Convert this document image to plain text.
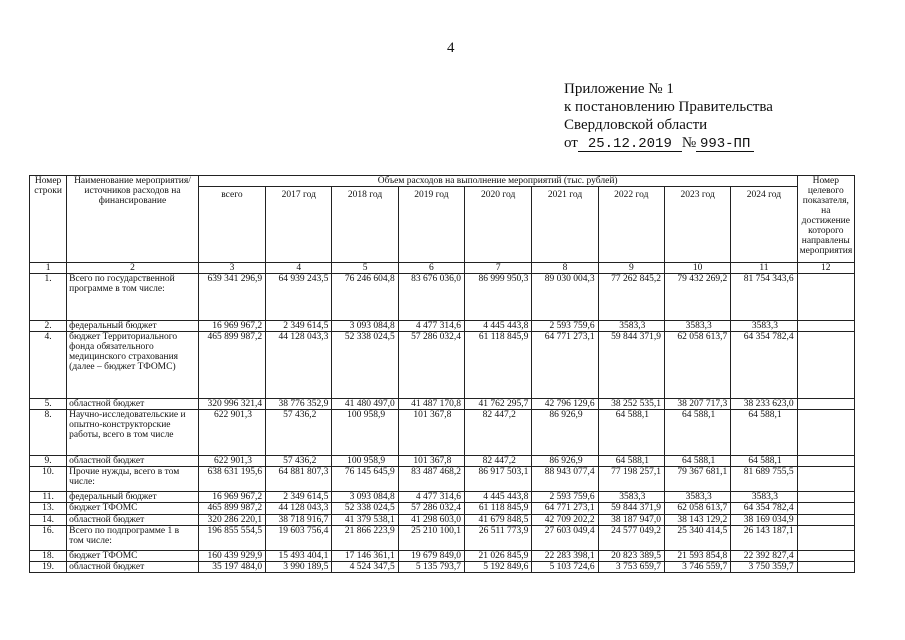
4
Приложение № 1
к постановлению Правительства
Свердловской области
от 25.12.2019 № 993-ПП
Номер строки	Наименование мероприятия/ источников расходов на финансирование	Объем расходов на выполнение мероприятий (тыс. рублей)									Номер целевого показателя, на достижение которого направлены мероприятия
		всего	2017 год	2018 год	2019 год	2020 год	2021 год	2022 год	2023 год	2024 год	
1	2	3	4	5	6	7	8	9	10	11	12
1.	Всего по государственной программе в том числе:	639 341 296,9	64 939 243,5	76 246 604,8	83 676 036,0	86 999 950,3	89 030 004,3	77 262 845,2	79 432 269,2	81 754 343,6	
2.	федеральный бюджет	16 969 967,2	2 349 614,5	3 093 084,8	4 477 314,6	4 445 443,8	2 593 759,6	3583,3	3583,3	3583,3	
4.	бюджет Территориального фонда обязательного медицинского страхования (далее – бюджет ТФОМС)	465 899 987,2	44 128 043,3	52 338 024,5	57 286 032,4	61 118 845,9	64 771 273,1	59 844 371,9	62 058 613,7	64 354 782,4	
5.	областной бюджет	320 996 321,4	38 776 352,9	41 480 497,0	41 487 170,8	41 762 295,7	42 796 129,6	38 252 535,1	38 207 717,3	38 233 623,0	
8.	Научно-исследовательские и опытно-конструкторские работы, всего в том числе	622 901,3	57 436,2	100 958,9	101 367,8	82 447,2	86 926,9	64 588,1	64 588,1	64 588,1	
9.	областной бюджет	622 901,3	57 436,2	100 958,9	101 367,8	82 447,2	86 926,9	64 588,1	64 588,1	64 588,1	
10.	Прочие нужды, всего в том числе:	638 631 195,6	64 881 807,3	76 145 645,9	83 487 468,2	86 917 503,1	88 943 077,4	77 198 257,1	79 367 681,1	81 689 755,5	
11.	федеральный бюджет	16 969 967,2	2 349 614,5	3 093 084,8	4 477 314,6	4 445 443,8	2 593 759,6	3583,3	3583,3	3583,3	
13.	бюджет ТФОМС	465 899 987,2	44 128 043,3	52 338 024,5	57 286 032,4	61 118 845,9	64 771 273,1	59 844 371,9	62 058 613,7	64 354 782,4	
14.	областной бюджет	320 286 220,1	38 718 916,7	41 379 538,1	41 298 603,0	41 679 848,5	42 709 202,2	38 187 947,0	38 143 129,2	38 169 034,9	
16.	Всего по подпрограмме 1 в том числе:	196 855 554,5	19 603 756,4	21 866 223,9	25 210 100,1	26 511 773,9	27 603 049,4	24 577 049,2	25 340 414,5	26 143 187,1	
18.	бюджет ТФОМС	160 439 929,9	15 493 404,1	17 146 361,1	19 679 849,0	21 026 845,9	22 283 398,1	20 823 389,5	21 593 854,8	22 392 827,4	
19.	областной бюджет	35 197 484,0	3 990 189,5	4 524 347,5	5 135 793,7	5 192 849,6	5 103 724,6	3 753 659,7	3 746 559,7	3 750 359,7	
